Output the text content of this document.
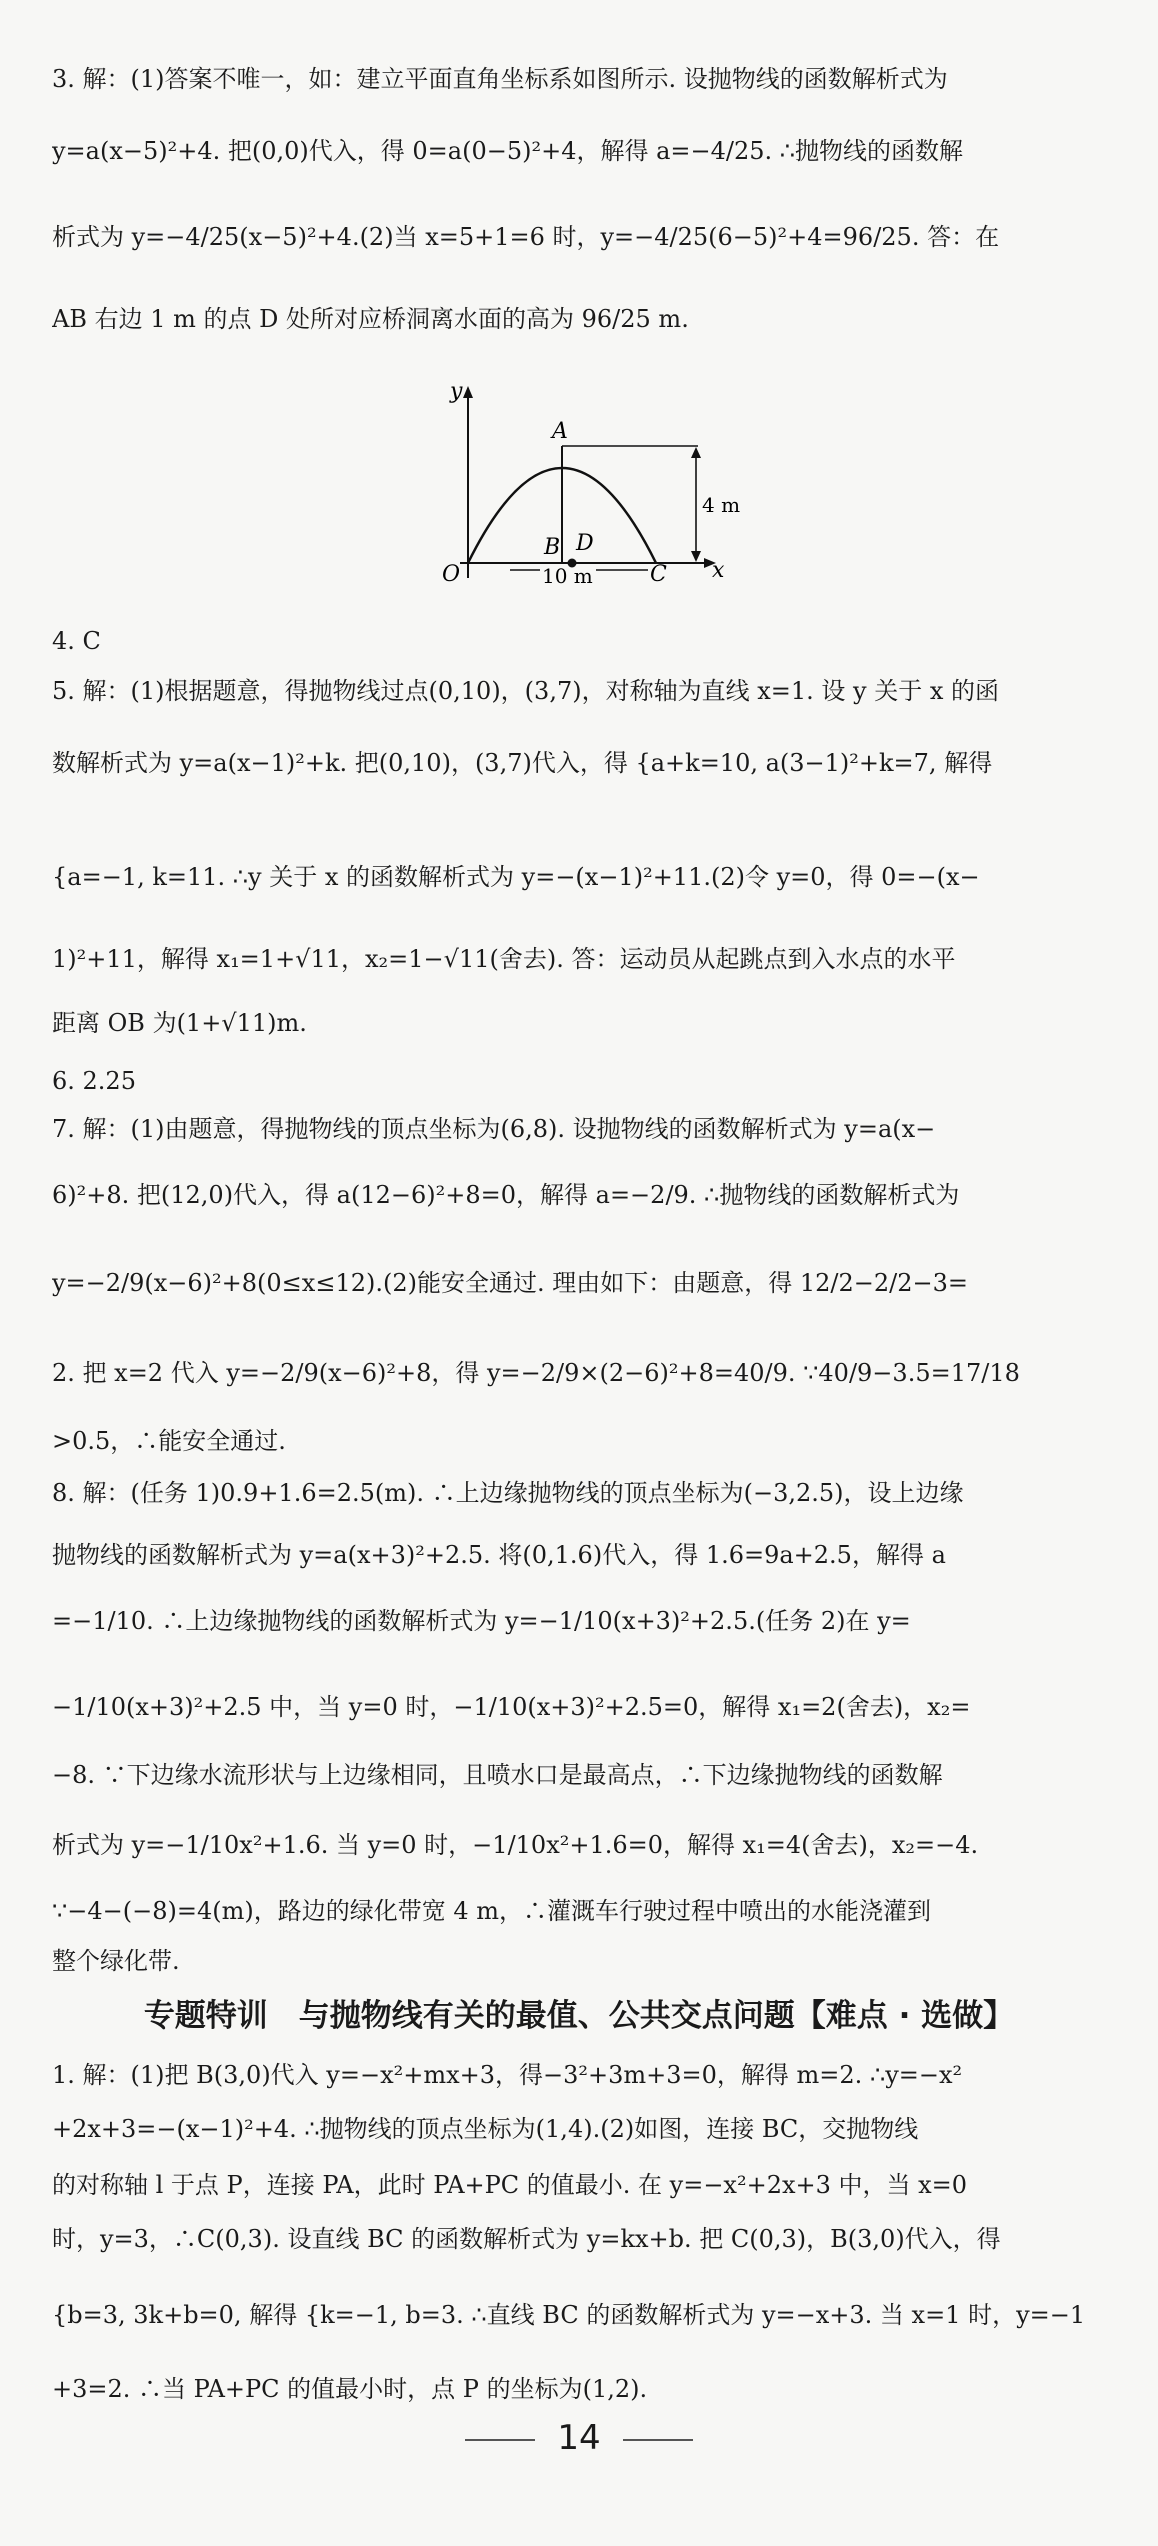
3. 解：(1)答案不唯一，如：建立平面直角坐标系如图所示. 设抛物线的函数解析式为
y=a(x−5)²+4. 把(0,0)代入，得 0=a(0−5)²+4，解得 a=−4/25. ∴抛物线的函数解
析式为 y=−4/25(x−5)²+4.(2)当 x=5+1=6 时，y=−4/25(6−5)²+4=96/25. 答：在
AB 右边 1 m 的点 D 处所对应桥洞离水面的高为 96/25 m.
y
A
4 m
B D
O	10 m	C x
4. C
5. 解：(1)根据题意，得抛物线过点(0,10)，(3,7)，对称轴为直线 x=1. 设 y 关于 x 的函
数解析式为 y=a(x−1)²+k. 把(0,10)，(3,7)代入，得 {a+k=10, a(3−1)²+k=7, 解得
{a=−1, k=11. ∴y 关于 x 的函数解析式为 y=−(x−1)²+11.(2)令 y=0，得 0=−(x−
1)²+11，解得 x₁=1+√11，x₂=1−√11(舍去). 答：运动员从起跳点到入水点的水平
距离 OB 为(1+√11)m.
6. 2.25
7. 解：(1)由题意，得抛物线的顶点坐标为(6,8). 设抛物线的函数解析式为 y=a(x−
6)²+8. 把(12,0)代入，得 a(12−6)²+8=0，解得 a=−2/9. ∴抛物线的函数解析式为
y=−2/9(x−6)²+8(0≤x≤12).(2)能安全通过. 理由如下：由题意，得 12/2−2/2−3=
2. 把 x=2 代入 y=−2/9(x−6)²+8，得 y=−2/9×(2−6)²+8=40/9. ∵40/9−3.5=17/18
>0.5，∴能安全通过.
8. 解：(任务 1)0.9+1.6=2.5(m). ∴上边缘抛物线的顶点坐标为(−3,2.5)，设上边缘
抛物线的函数解析式为 y=a(x+3)²+2.5. 将(0,1.6)代入，得 1.6=9a+2.5，解得 a
=−1/10. ∴上边缘抛物线的函数解析式为 y=−1/10(x+3)²+2.5.(任务 2)在 y=
−1/10(x+3)²+2.5 中，当 y=0 时，−1/10(x+3)²+2.5=0，解得 x₁=2(舍去)，x₂=
−8. ∵下边缘水流形状与上边缘相同，且喷水口是最高点，∴下边缘抛物线的函数解
析式为 y=−1/10x²+1.6. 当 y=0 时，−1/10x²+1.6=0，解得 x₁=4(舍去)，x₂=−4.
∵−4−(−8)=4(m)，路边的绿化带宽 4 m，∴灌溉车行驶过程中喷出的水能浇灌到
整个绿化带.
专题特训　与抛物线有关的最值、公共交点问题【难点 · 选做】
1. 解：(1)把 B(3,0)代入 y=−x²+mx+3，得−3²+3m+3=0，解得 m=2. ∴y=−x²
+2x+3=−(x−1)²+4. ∴抛物线的顶点坐标为(1,4).(2)如图，连接 BC，交抛物线
的对称轴 l 于点 P，连接 PA，此时 PA+PC 的值最小. 在 y=−x²+2x+3 中，当 x=0
时，y=3，∴C(0,3). 设直线 BC 的函数解析式为 y=kx+b. 把 C(0,3)，B(3,0)代入，得
{b=3, 3k+b=0, 解得 {k=−1, b=3. ∴直线 BC 的函数解析式为 y=−x+3. 当 x=1 时，y=−1
+3=2. ∴当 PA+PC 的值最小时，点 P 的坐标为(1,2).
14
